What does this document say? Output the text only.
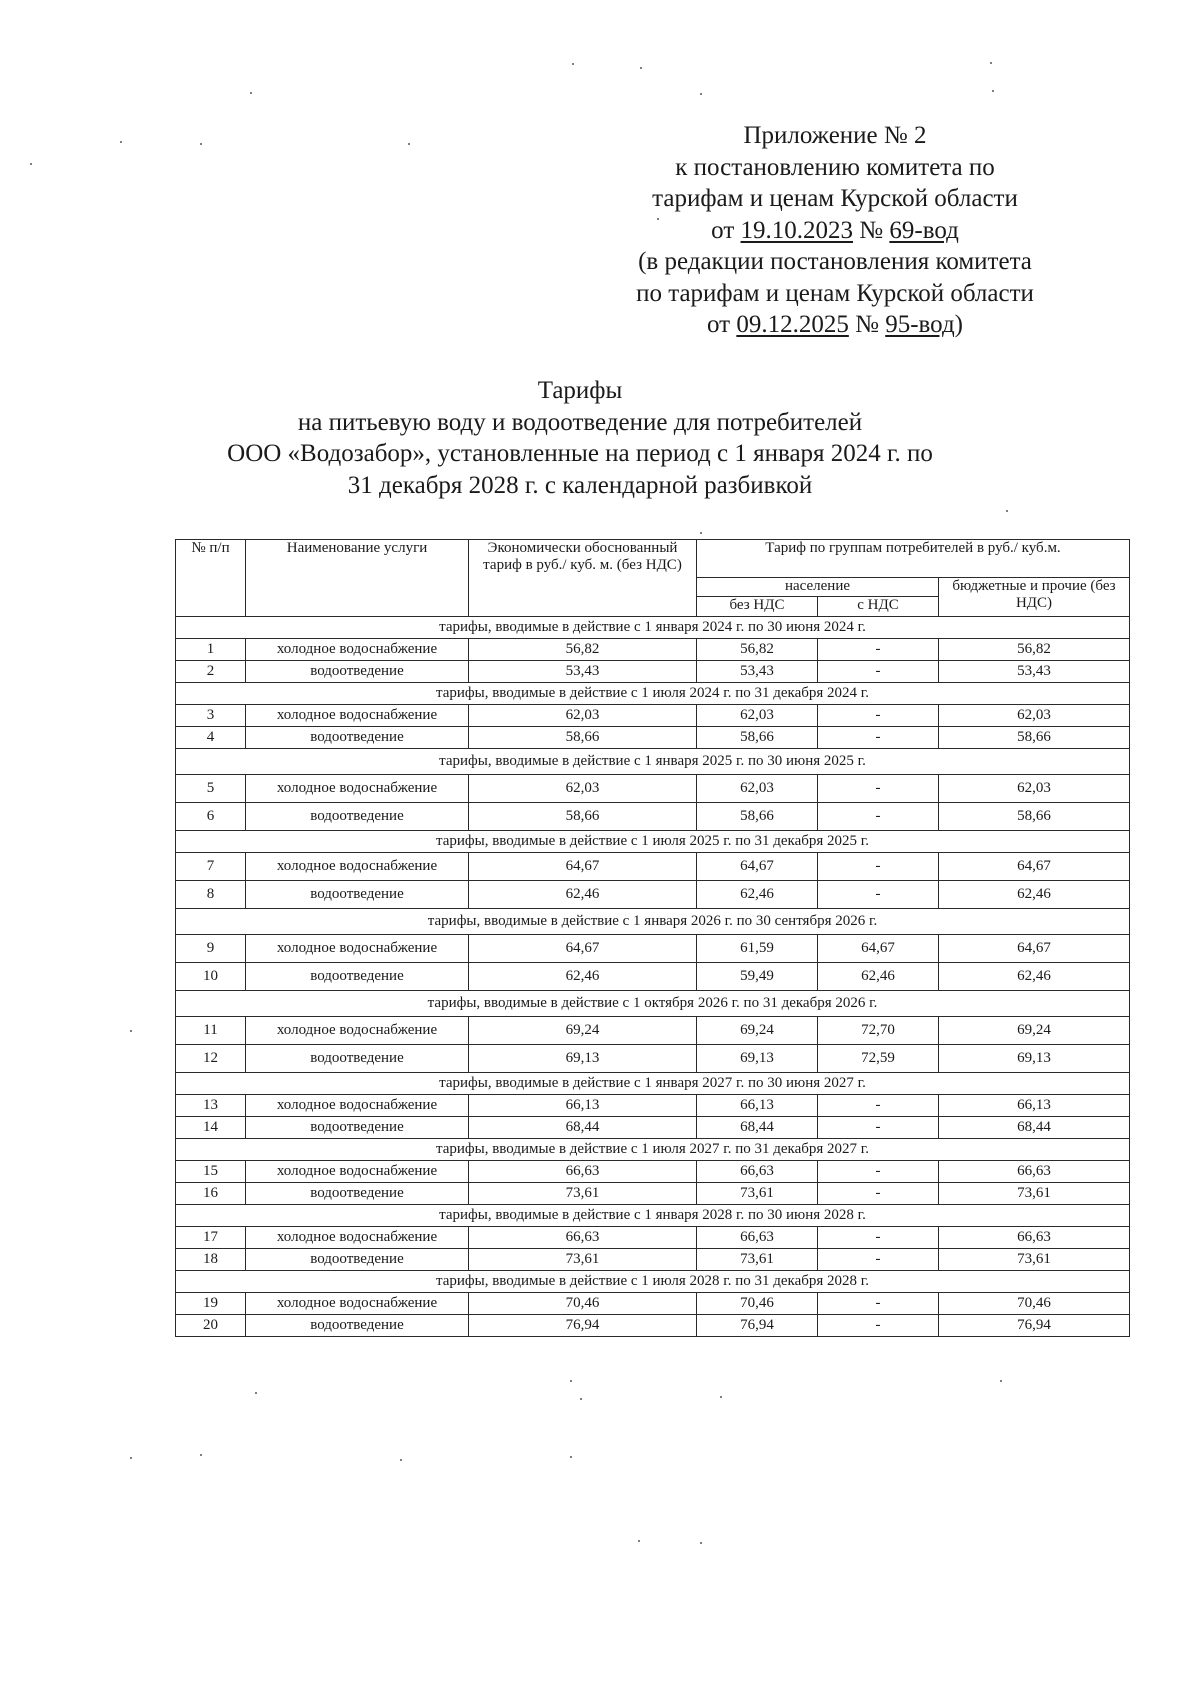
Приложение № 2
к постановлению комитета по
тарифам и ценам Курской области
от 19.10.2023 № 69-вод
(в редакции постановления комитета
по тарифам и ценам Курской области
от 09.12.2025 № 95-вод)
Тарифы
на питьевую воду и водоотведение для потребителей
ООО «Водозабор», установленные на период с 1 января 2024 г. по
31 декабря 2028 г. с календарной разбивкой
№ п/п	Наименование услуги	Экономически обоснованный тариф в руб./ куб. м. (без НДС)	Тариф по группам потребителей в руб./ куб.м.		
			население		бюджетные и прочие (без НДС)
			без НДС	с НДС	
тарифы, вводимые в действие с 1 января 2024 г. по 30 июня 2024 г.					
1	холодное водоснабжение	56,82	56,82	-	56,82
2	водоотведение	53,43	53,43	-	53,43
тарифы, вводимые в действие с 1 июля 2024 г. по 31 декабря 2024 г.					
3	холодное водоснабжение	62,03	62,03	-	62,03
4	водоотведение	58,66	58,66	-	58,66
тарифы, вводимые в действие с 1 января 2025 г. по 30 июня 2025 г.					
5	холодное водоснабжение	62,03	62,03	-	62,03
6	водоотведение	58,66	58,66	-	58,66
тарифы, вводимые в действие с 1 июля 2025 г. по 31 декабря 2025 г.					
7	холодное водоснабжение	64,67	64,67	-	64,67
8	водоотведение	62,46	62,46	-	62,46
тарифы, вводимые в действие с 1 января 2026 г. по 30 сентября 2026 г.					
9	холодное водоснабжение	64,67	61,59	64,67	64,67
10	водоотведение	62,46	59,49	62,46	62,46
тарифы, вводимые в действие с 1 октября 2026 г. по 31 декабря 2026 г.					
11	холодное водоснабжение	69,24	69,24	72,70	69,24
12	водоотведение	69,13	69,13	72,59	69,13
тарифы, вводимые в действие с 1 января 2027 г. по 30 июня 2027 г.					
13	холодное водоснабжение	66,13	66,13	-	66,13
14	водоотведение	68,44	68,44	-	68,44
тарифы, вводимые в действие с 1 июля 2027 г. по 31 декабря 2027 г.					
15	холодное водоснабжение	66,63	66,63	-	66,63
16	водоотведение	73,61	73,61	-	73,61
тарифы, вводимые в действие с 1 января 2028 г. по 30 июня 2028 г.					
17	холодное водоснабжение	66,63	66,63	-	66,63
18	водоотведение	73,61	73,61	-	73,61
тарифы, вводимые в действие с 1 июля 2028 г. по 31 декабря 2028 г.					
19	холодное водоснабжение	70,46	70,46	-	70,46
20	водоотведение	76,94	76,94	-	76,94
